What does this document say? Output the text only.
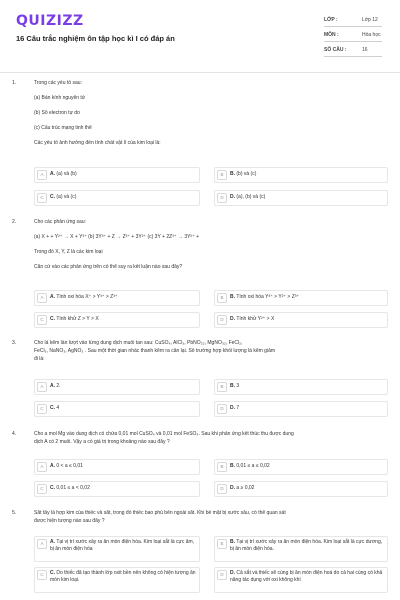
QUIZIZZ
16 Câu trắc nghiệm ôn tập học kì I có đáp án
LỚP :	Lớp 12
MÔN :	Hóa học
SỐ CÂU :	16
1.	Trong các yếu tố sau:
(a) Bán kính nguyên tử
(b) Số electron tự do
(c) Cấu trúc mạng tinh thể
Các yếu tố ảnh hưởng đến tính chất vật lí của kim loại là:
A	A. (a) và (b)	B	B. (b) và (c)
C	C. (a) và (c)	D	D. (a), (b) và (c)
2.	Cho các phản ứng sau:
(a) X + + Y²⁺ → X + Y³⁺ (b) 3Y³⁺ + Z → Z³⁺ + 3Y²⁺ (c) 3Y + 2Z³⁺ → 3Y²⁺ +
Trong đó X, Y, Z là các kim loại
Căn cứ vào các phản ứng trên có thể suy ra kết luận nào sau đây?
A	A. Tính oxi hóa X⁺ > Y³⁺ > Z³⁺	B	B. Tính oxi hóa Y³⁺ > Y²⁺ > Z³⁺
C	C. Tính khử Z > Y > X	D	D. Tính khử Y²⁺ > X
3.	Cho lá kẽm lần lượt vào từng dung dịch muối tan sau: CuSO₄, AlCl₃, PbNO₃₂, MgNO₃₂, FeCl₂,
FeCl₃, NaNO₃, AgNO₃ . Sau một thời gian nhấc thanh kẽm ra cân lại. Số trường hợp khối lượng lá kẽm giảm
đi là:
A	A. 2.	B	B. 3
C	C. 4	D	D. 7
4.	Cho a mol Mg vào dung dịch có chứa 0,01 mol CuSO₄ và 0,01 mol FeSO₄. Sau khi phản ứng kết thúc thu được dung
dịch A có 2 muối. Vậy a có giá trị trong khoảng nào sau đây ?
A	A. 0 < a ≤ 0,01	B	B. 0,01 ≤ a ≤ 0,02
C	C. 0,01 ≤ a < 0,02	D	D. a ≥ 0,02
5.	Sắt tây là hợp kim của thiếc và sắt, trong đó thiếc bao phủ bên ngoài sắt. Khi bề mặt bị xước sâu, có thể quan sát
được hiện tượng nào sau đây ?
A	A. Tại vị trí xước xảy ra ăn mòn điện hóa. Kim loại sắt là cực âm, bị ăn mòn điện hóa
B	B. Tại vị trí xước xảy ra ăn mòn điện hóa. Kim loại sắt là cực dương, bị ăn mòn điện hóa.
C	C. Do thiếc đã tạo thành lớp oxit bền nên không có hiện tượng ăn mòn kim loại.
D	D. Cả sắt và thiếc sẽ cùng bị ăn mòn điện hoá do cả hai cùng có khả năng tác dụng với oxi không khí
